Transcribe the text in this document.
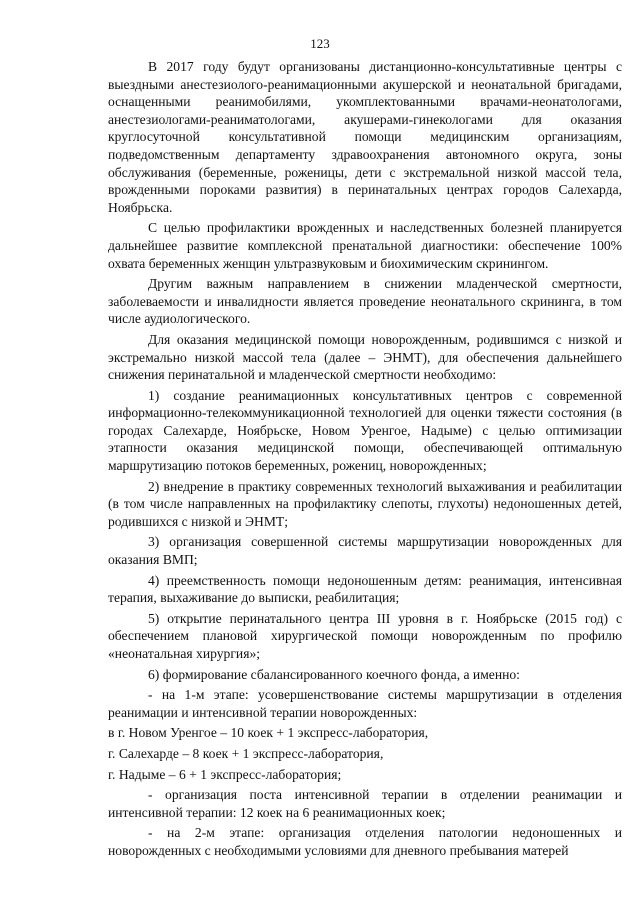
123

В 2017 году будут организованы дистанционно-консультативные центры с выездными анестезиолого-реанимационными акушерской и неонатальной бригадами, оснащенными реанимобилями, укомплектованными врачами-неонатологами, анестезиологами-реаниматологами, акушерами-гинекологами для оказания круглосуточной консультативной помощи медицинским организациям, подведомственным департаменту здравоохранения автономного округа, зоны обслуживания (беременные, роженицы, дети с экстремальной низкой массой тела, врожденными пороками развития) в перинатальных центрах городов Салехарда, Ноябрьска.

С целью профилактики врожденных и наследственных болезней планируется дальнейшее развитие комплексной пренатальной диагностики: обеспечение 100% охвата беременных женщин ультразвуковым и биохимическим скринингом.

Другим важным направлением в снижении младенческой смертности, заболеваемости и инвалидности является проведение неонатального скрининга, в том числе аудиологического.

Для оказания медицинской помощи новорожденным, родившимся с низкой и экстремально низкой массой тела (далее – ЭНМТ), для обеспечения дальнейшего снижения перинатальной и младенческой смертности необходимо:

1) создание реанимационных консультативных центров с современной информационно-телекоммуникационной технологией для оценки тяжести состояния (в городах Салехарде, Ноябрьске, Новом Уренгое, Надыме) с целью оптимизации этапности оказания медицинской помощи, обеспечивающей оптимальную маршрутизацию потоков беременных, рожениц, новорожденных;

2) внедрение в практику современных технологий выхаживания и реабилитации (в том числе направленных на профилактику слепоты, глухоты) недоношенных детей, родившихся с низкой и ЭНМТ;

3) организация совершенной системы маршрутизации новорожденных для оказания ВМП;

4) преемственность помощи недоношенным детям: реанимация, интенсивная терапия, выхаживание до выписки, реабилитация;

5) открытие перинатального центра III уровня в г. Ноябрьске (2015 год) с обеспечением плановой хирургической помощи новорожденным по профилю «неонатальная хирургия»;

6) формирование сбалансированного коечного фонда, а именно:

- на 1-м этапе: усовершенствование системы маршрутизации в отделения реанимации и интенсивной терапии новорожденных:

в г. Новом Уренгое – 10 коек + 1 экспресс-лаборатория,

г. Салехарде – 8 коек + 1 экспресс-лаборатория,

г. Надыме – 6 + 1 экспресс-лаборатория;

- организация поста интенсивной терапии в отделении реанимации и интенсивной терапии: 12 коек на 6 реанимационных коек;

- на 2-м этапе: организация отделения патологии недоношенных и новорожденных с необходимыми условиями для дневного пребывания матерей
